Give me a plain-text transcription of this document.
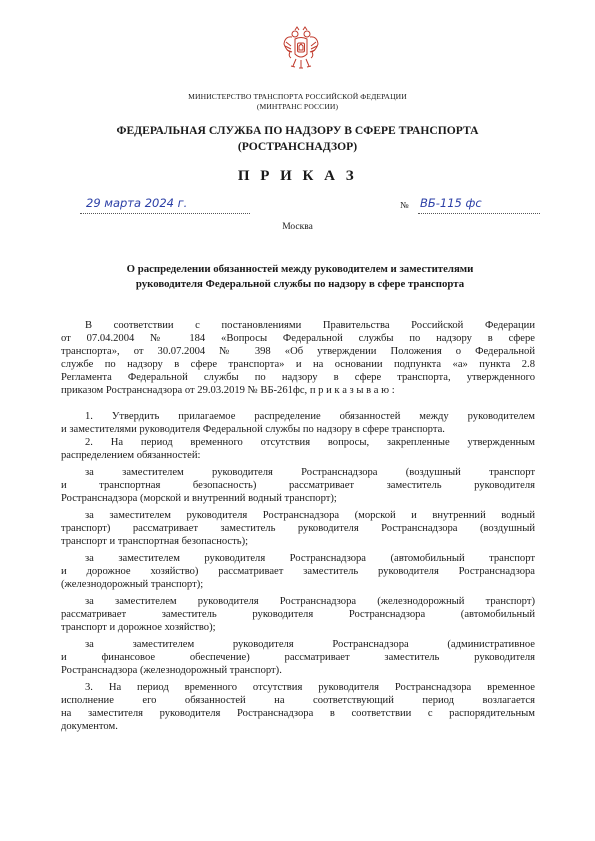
МИНИСТЕРСТВО ТРАНСПОРТА РОССИЙСКОЙ ФЕДЕРАЦИИ
(МИНТРАНС РОССИИ)
ФЕДЕРАЛЬНАЯ СЛУЖБА ПО НАДЗОРУ В СФЕРЕ ТРАНСПОРТА
(РОСТРАНСНАДЗОР)
П Р И К А З
29 марта 2024 г.	№ ВБ-115 фс
Москва
О распределении обязанностей между руководителем и заместителями
руководителя Федеральной службы по надзору в сфере транспорта
В соответствии с постановлениями Правительства Российской Федерации
от 07.04.2004 № 184 «Вопросы Федеральной службы по надзору в сфере
транспорта», от 30.07.2004 № 398 «Об утверждении Положения о Федеральной
службе по надзору в сфере транспорта» и на основании подпункта «а» пункта 2.8
Регламента Федеральной службы по надзору в сфере транспорта, утвержденного
приказом Ространснадзора от 29.03.2019 № ВБ-261фс, п р и к а з ы в а ю :
1. Утвердить прилагаемое распределение обязанностей между руководителем
и заместителями руководителя Федеральной службы по надзору в сфере транспорта.
2. На период временного отсутствия вопросы, закрепленные утвержденным
распределением обязанностей:
за заместителем руководителя Ространснадзора (воздушный транспорт
и транспортная безопасность) рассматривает заместитель руководителя
Ространснадзора (морской и внутренний водный транспорт);
за заместителем руководителя Ространснадзора (морской и внутренний водный
транспорт) рассматривает заместитель руководителя Ространснадзора (воздушный
транспорт и транспортная безопасность);
за заместителем руководителя Ространснадзора (автомобильный транспорт
и дорожное хозяйство) рассматривает заместитель руководителя Ространснадзора
(железнодорожный транспорт);
за заместителем руководителя Ространснадзора (железнодорожный транспорт)
рассматривает заместитель руководителя Ространснадзора (автомобильный
транспорт и дорожное хозяйство);
за заместителем руководителя Ространснадзора (административное
и финансовое обеспечение) рассматривает заместитель руководителя
Ространснадзора (железнодорожный транспорт).
3. На период временного отсутствия руководителя Ространснадзора временное
исполнение его обязанностей на соответствующий период возлагается
на заместителя руководителя Ространснадзора в соответствии с распорядительным
документом.
